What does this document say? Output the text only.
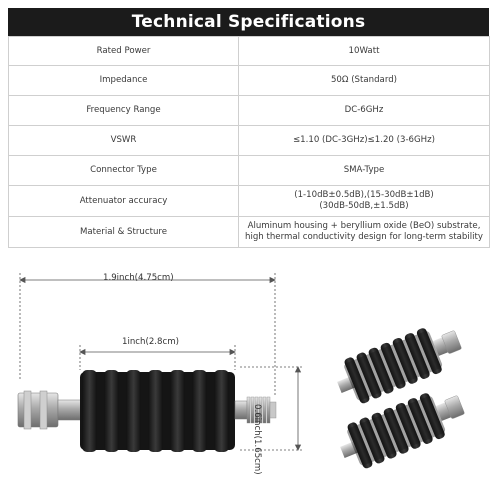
Technical Specifications
Rated Power	10Watt

Impedance	50Ω (Standard)

Frequency Range	DC-6GHz

VSWR	≤1.10 (DC-3GHz)≤1.20 (3-6GHz)

Connector Type	SMA-Type

Attenuator accuracy	(1-10dB±0.5dB),(15-30dB±1dB)
(30dB-50dB,±1.5dB)

Material & Structure	Aluminum housing + beryllium oxide (BeO) substrate,
high thermal conductivity design for long-term stability
1.9inch(4.75cm)
1inch(2.8cm)
0.6inch(1.65cm)
